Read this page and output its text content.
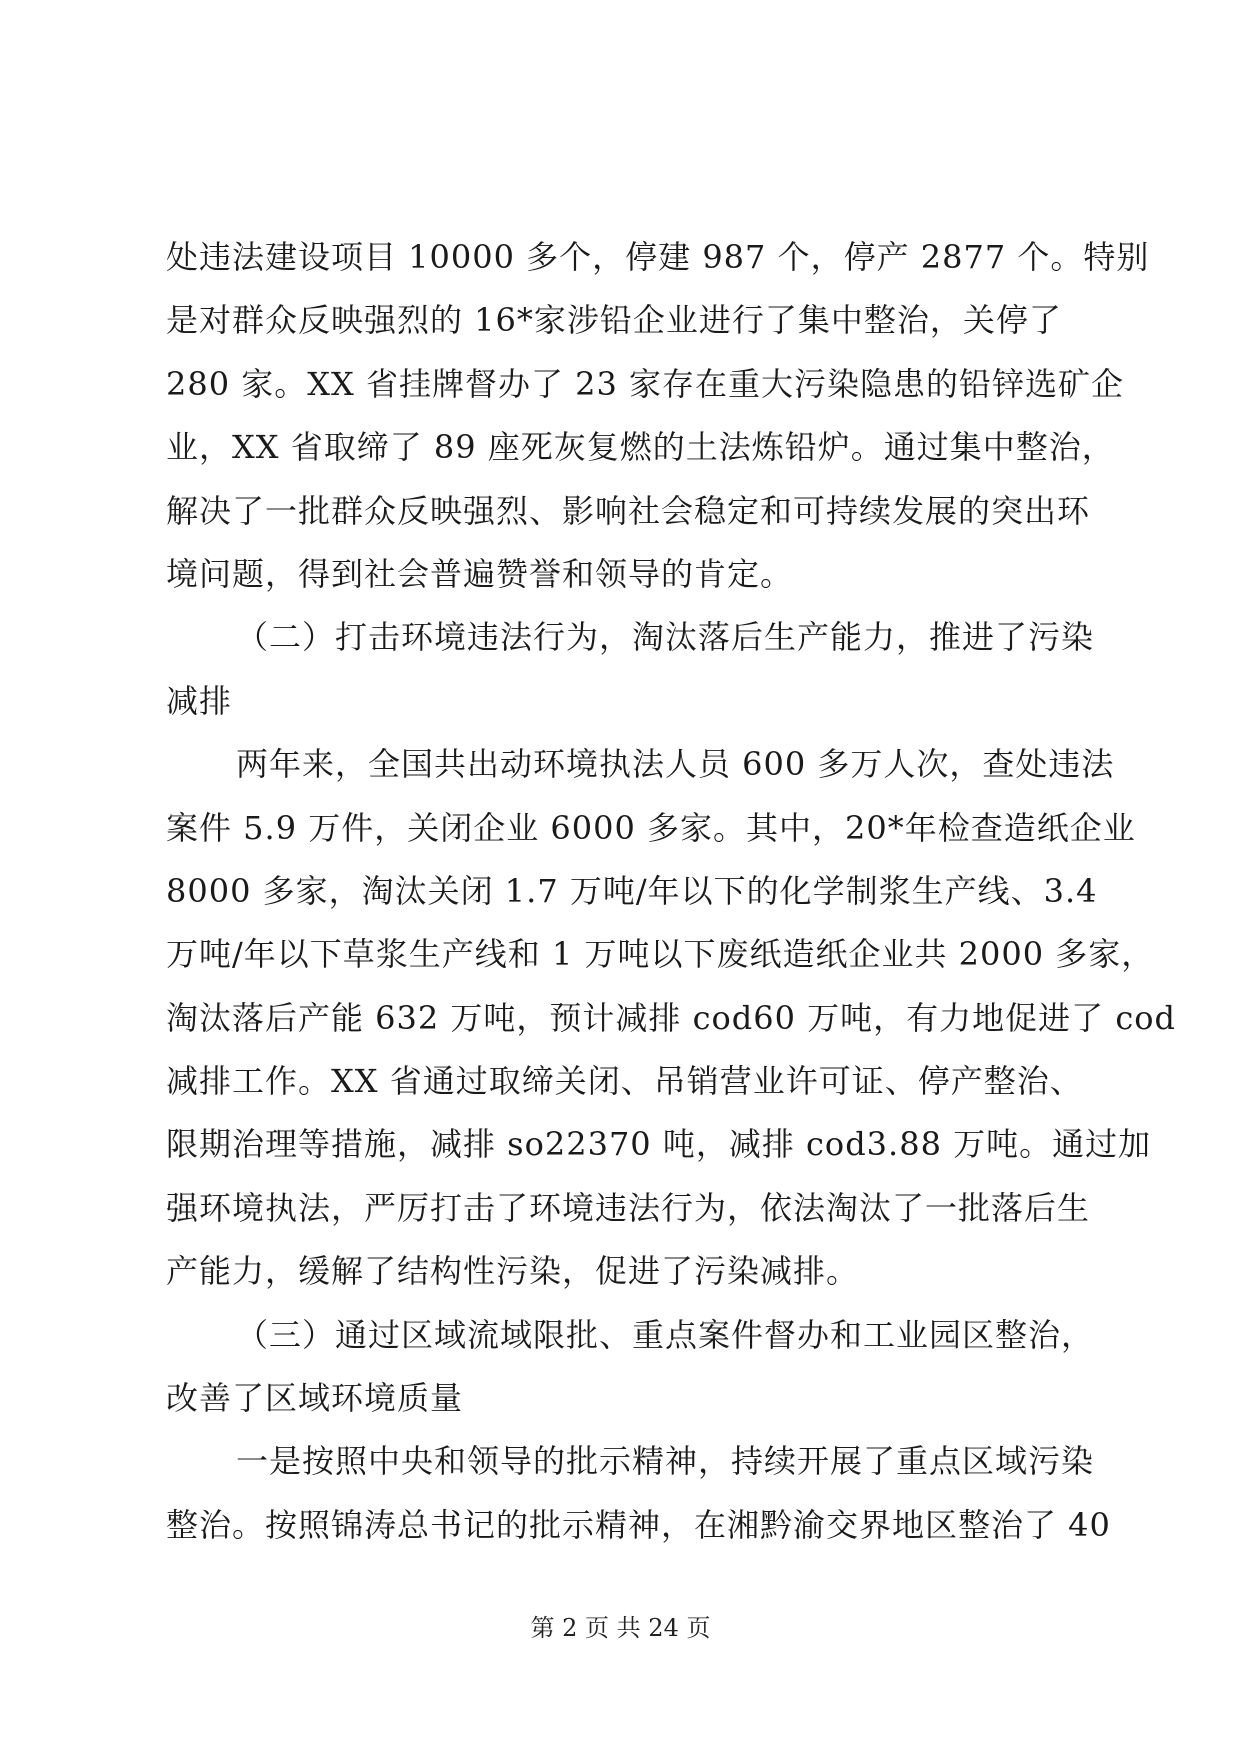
处违法建设项目 10000 多个，停建 987 个，停产 2877 个。特别
是对群众反映强烈的 16*家涉铅企业进行了集中整治，关停了
280 家。XX 省挂牌督办了 23 家存在重大污染隐患的铅锌选矿企
业，XX 省取缔了 89 座死灰复燃的土法炼铅炉。通过集中整治，
解决了一批群众反映强烈、影响社会稳定和可持续发展的突出环
境问题，得到社会普遍赞誉和领导的肯定。
（二）打击环境违法行为，淘汰落后生产能力，推进了污染
减排
两年来，全国共出动环境执法人员 600 多万人次，查处违法
案件 5.9 万件，关闭企业 6000 多家。其中，20*年检查造纸企业
8000 多家，淘汰关闭 1.7 万吨/年以下的化学制浆生产线、3.4
万吨/年以下草浆生产线和 1 万吨以下废纸造纸企业共 2000 多家，
淘汰落后产能 632 万吨，预计减排 cod60 万吨，有力地促进了 cod
减排工作。XX 省通过取缔关闭、吊销营业许可证、停产整治、
限期治理等措施，减排 so22370 吨，减排 cod3.88 万吨。通过加
强环境执法，严厉打击了环境违法行为，依法淘汰了一批落后生
产能力，缓解了结构性污染，促进了污染减排。
（三）通过区域流域限批、重点案件督办和工业园区整治，
改善了区域环境质量
一是按照中央和领导的批示精神，持续开展了重点区域污染
整治。按照锦涛总书记的批示精神，在湘黔渝交界地区整治了 40
第 2 页 共 24 页
